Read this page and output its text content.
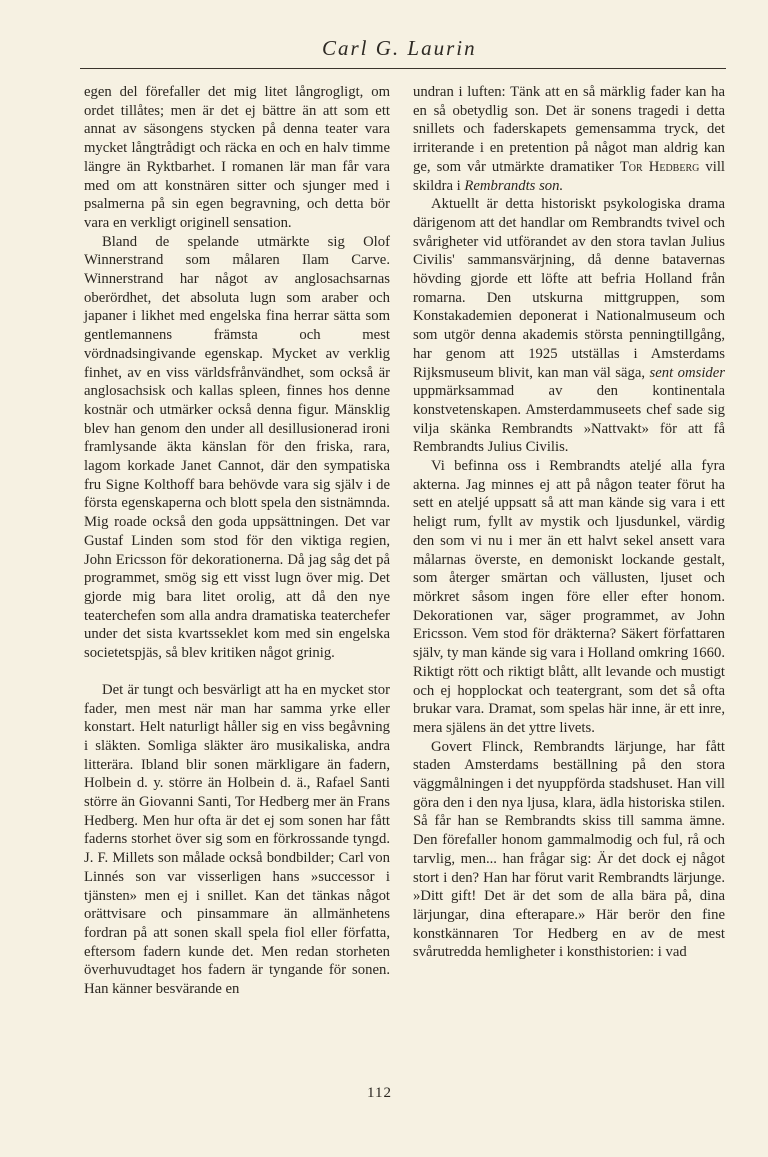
Carl G. Laurin

egen del förefaller det mig litet långrogligt, om ordet tillåtes; men är det ej bättre än att som ett annat av säsongens stycken på denna teater vara mycket långtrådigt och räcka en och en halv timme längre än Ryktbarhet. I romanen lär man får vara med om att konstnären sitter och sjunger med i psalmerna på sin egen begravning, och detta bör vara en verkligt originell sensation.

Bland de spelande utmärkte sig Olof Winnerstrand som målaren Ilam Carve. Winnerstrand har något av anglosachsarnas oberördhet, det absoluta lugn som araber och japaner i likhet med engelska fina herrar sätta som gentlemannens främsta och mest vördnadsingivande egenskap. Mycket av verklig finhet, av en viss världsfrånvändhet, som också är anglosachsisk och kallas spleen, finnes hos denne kostnär och utmärker också denna figur. Mänsklig blev han genom den under all desillusionerad ironi framlysande äkta känslan för den friska, rara, lagom korkade Janet Cannot, där den sympatiska fru Signe Kolthoff bara behövde vara sig själv i de första egenskaperna och blott spela den sistnämnda. Mig roade också den goda uppsättningen. Det var Gustaf Linden som stod för den viktiga regien, John Ericsson för dekorationerna. Då jag såg det på programmet, smög sig ett visst lugn över mig. Det gjorde mig bara litet orolig, att då den nye teaterchefen som alla andra dramatiska teaterchefer under det sista kvartsseklet kom med sin engelska societetspjäs, så blev kritiken något grinig.

Det är tungt och besvärligt att ha en mycket stor fader, men mest när man har samma yrke eller konstart. Helt naturligt håller sig en viss begåvning i släkten. Somliga släkter äro musikaliska, andra litterära. Ibland blir sonen märkligare än fadern, Holbein d. y. större än Holbein d. ä., Rafael Santi större än Giovanni Santi, Tor Hedberg mer än Frans Hedberg. Men hur ofta är det ej som sonen har fått faderns storhet över sig som en förkrossande tyngd. J. F. Millets son målade också bondbilder; Carl von Linnés son var visserligen hans »successor i tjänsten» men ej i snillet. Kan det tänkas något orättvisare och pinsammare än allmänhetens fordran på att sonen skall spela fiol eller författa, eftersom fadern kunde det. Men redan storheten överhuvudtaget hos fadern är tyngande för sonen. Han känner besvärande en

undran i luften: Tänk att en så märklig fader kan ha en så obetydlig son. Det är sonens tragedi i detta snillets och faderskapets gemensamma tryck, det irriterande i en pretention på något man aldrig kan ge, som vår utmärkte dramatiker Tor Hedberg vill skildra i Rembrandts son.

Aktuellt är detta historiskt psykologiska drama därigenom att det handlar om Rembrandts tvivel och svårigheter vid utförandet av den stora tavlan Julius Civilis' sammansvärjning, då denne batavernas hövding gjorde ett löfte att befria Holland från romarna. Den utskurna mittgruppen, som Konstakademien deponerat i Nationalmuseum och som utgör denna akademis största penningtillgång, har genom att 1925 utställas i Amsterdams Rijksmuseum blivit, kan man väl säga, sent omsider uppmärksammad av den kontinentala konstvetenskapen. Amsterdammuseets chef sade sig vilja skänka Rembrandts »Nattvakt» för att få Rembrandts Julius Civilis.

Vi befinna oss i Rembrandts ateljé alla fyra akterna. Jag minnes ej att på någon teater förut ha sett en ateljé uppsatt så att man kände sig vara i ett heligt rum, fyllt av mystik och ljusdunkel, värdig den som vi nu i mer än ett halvt sekel ansett vara målarnas överste, en demoniskt lockande gestalt, som återger smärtan och vällusten, ljuset och mörkret såsom ingen före eller efter honom. Dekorationen var, säger programmet, av John Ericsson. Vem stod för dräkterna? Säkert författaren själv, ty man kände sig vara i Holland omkring 1660. Riktigt rött och riktigt blått, allt levande och mustigt och ej hopplockat och teatergrant, som det så ofta brukar vara. Dramat, som spelas här inne, är ett inre, mera själens än det yttre livets.

Govert Flinck, Rembrandts lärjunge, har fått staden Amsterdams beställning på den stora väggmålningen i det nyuppförda stadshuset. Han vill göra den i den nya ljusa, klara, ädla historiska stilen. Så får han se Rembrandts skiss till samma ämne. Den förefaller honom gammalmodig och ful, rå och tarvlig, men... han frågar sig: Är det dock ej något stort i den? Han har förut varit Rembrandts lärjunge. »Ditt gift! Det är det som de alla bära på, dina lärjungar, dina efterapare.» Här berör den fine konstkännaren Tor Hedberg en av de mest svårutredda hemligheter i konsthistorien: i vad

112
